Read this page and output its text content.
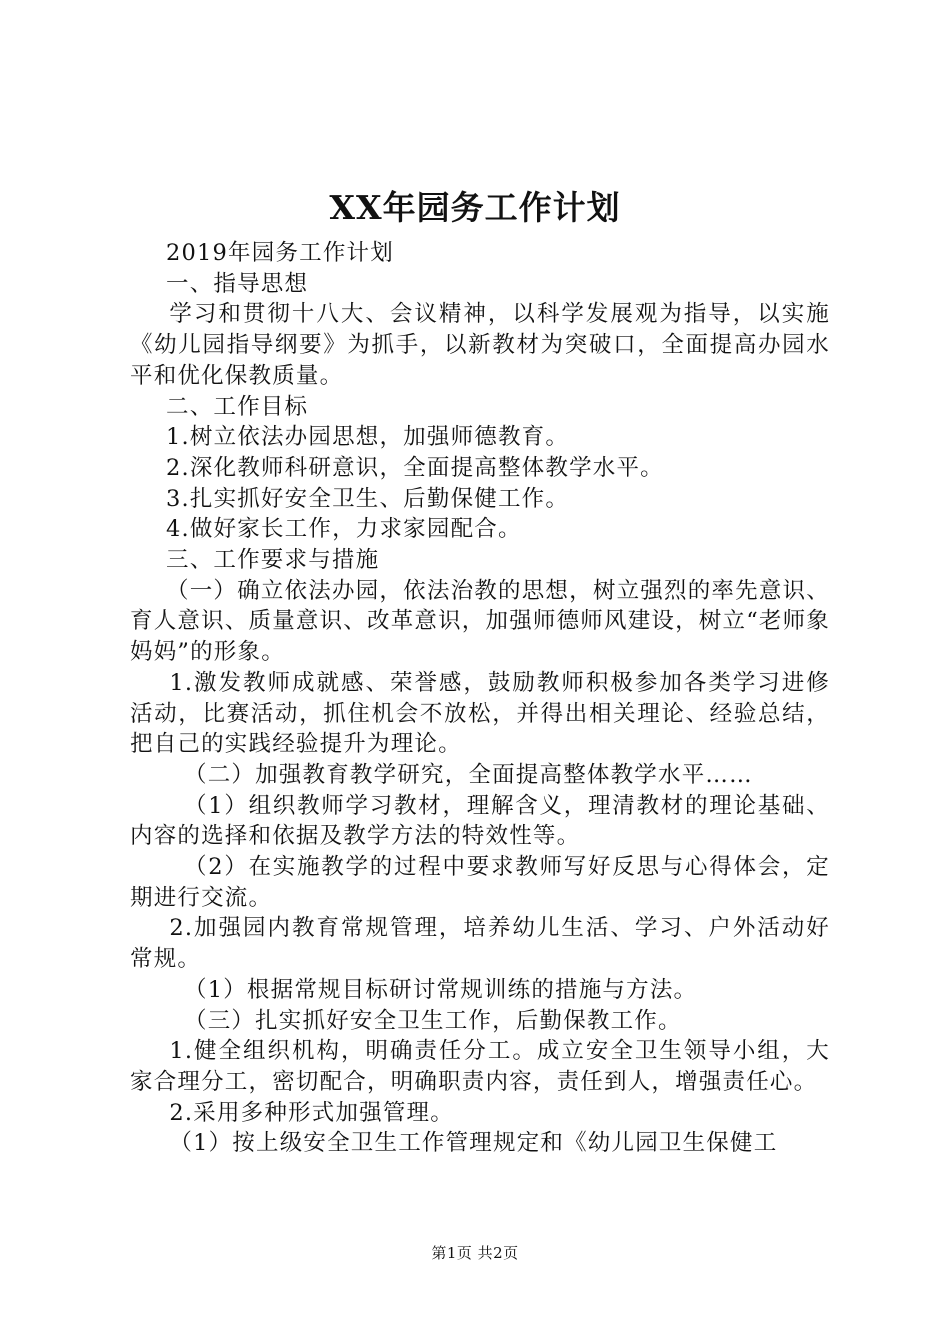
XX年园务工作计划

2019年园务工作计划

一、指导思想

学习和贯彻十八大、会议精神，以科学发展观为指导，以实施《幼儿园指导纲要》为抓手，以新教材为突破口，全面提高办园水平和优化保教质量。

二、工作目标

1.树立依法办园思想，加强师德教育。

2.深化教师科研意识，全面提高整体教学水平。

3.扎实抓好安全卫生、后勤保健工作。

4.做好家长工作，力求家园配合。

三、工作要求与措施

（一）确立依法办园，依法治教的思想，树立强烈的率先意识、育人意识、质量意识、改革意识，加强师德师风建设，树立“老师象妈妈”的形象。

1.激发教师成就感、荣誉感，鼓励教师积极参加各类学习进修活动，比赛活动，抓住机会不放松，并得出相关理论、经验总结，把自己的实践经验提升为理论。

（二）加强教育教学研究，全面提高整体教学水平……

（1）组织教师学习教材，理解含义，理清教材的理论基础、内容的选择和依据及教学方法的特效性等。

（2）在实施教学的过程中要求教师写好反思与心得体会，定期进行交流。

2.加强园内教育常规管理，培养幼儿生活、学习、户外活动好常规。

（1）根据常规目标研讨常规训练的措施与方法。

（三）扎实抓好安全卫生工作，后勤保教工作。

1.健全组织机构，明确责任分工。成立安全卫生领导小组，大家合理分工，密切配合，明确职责内容，责任到人，增强责任心。

2.采用多种形式加强管理。

（1）按上级安全卫生工作管理规定和《幼儿园卫生保健工

第1页 共2页
